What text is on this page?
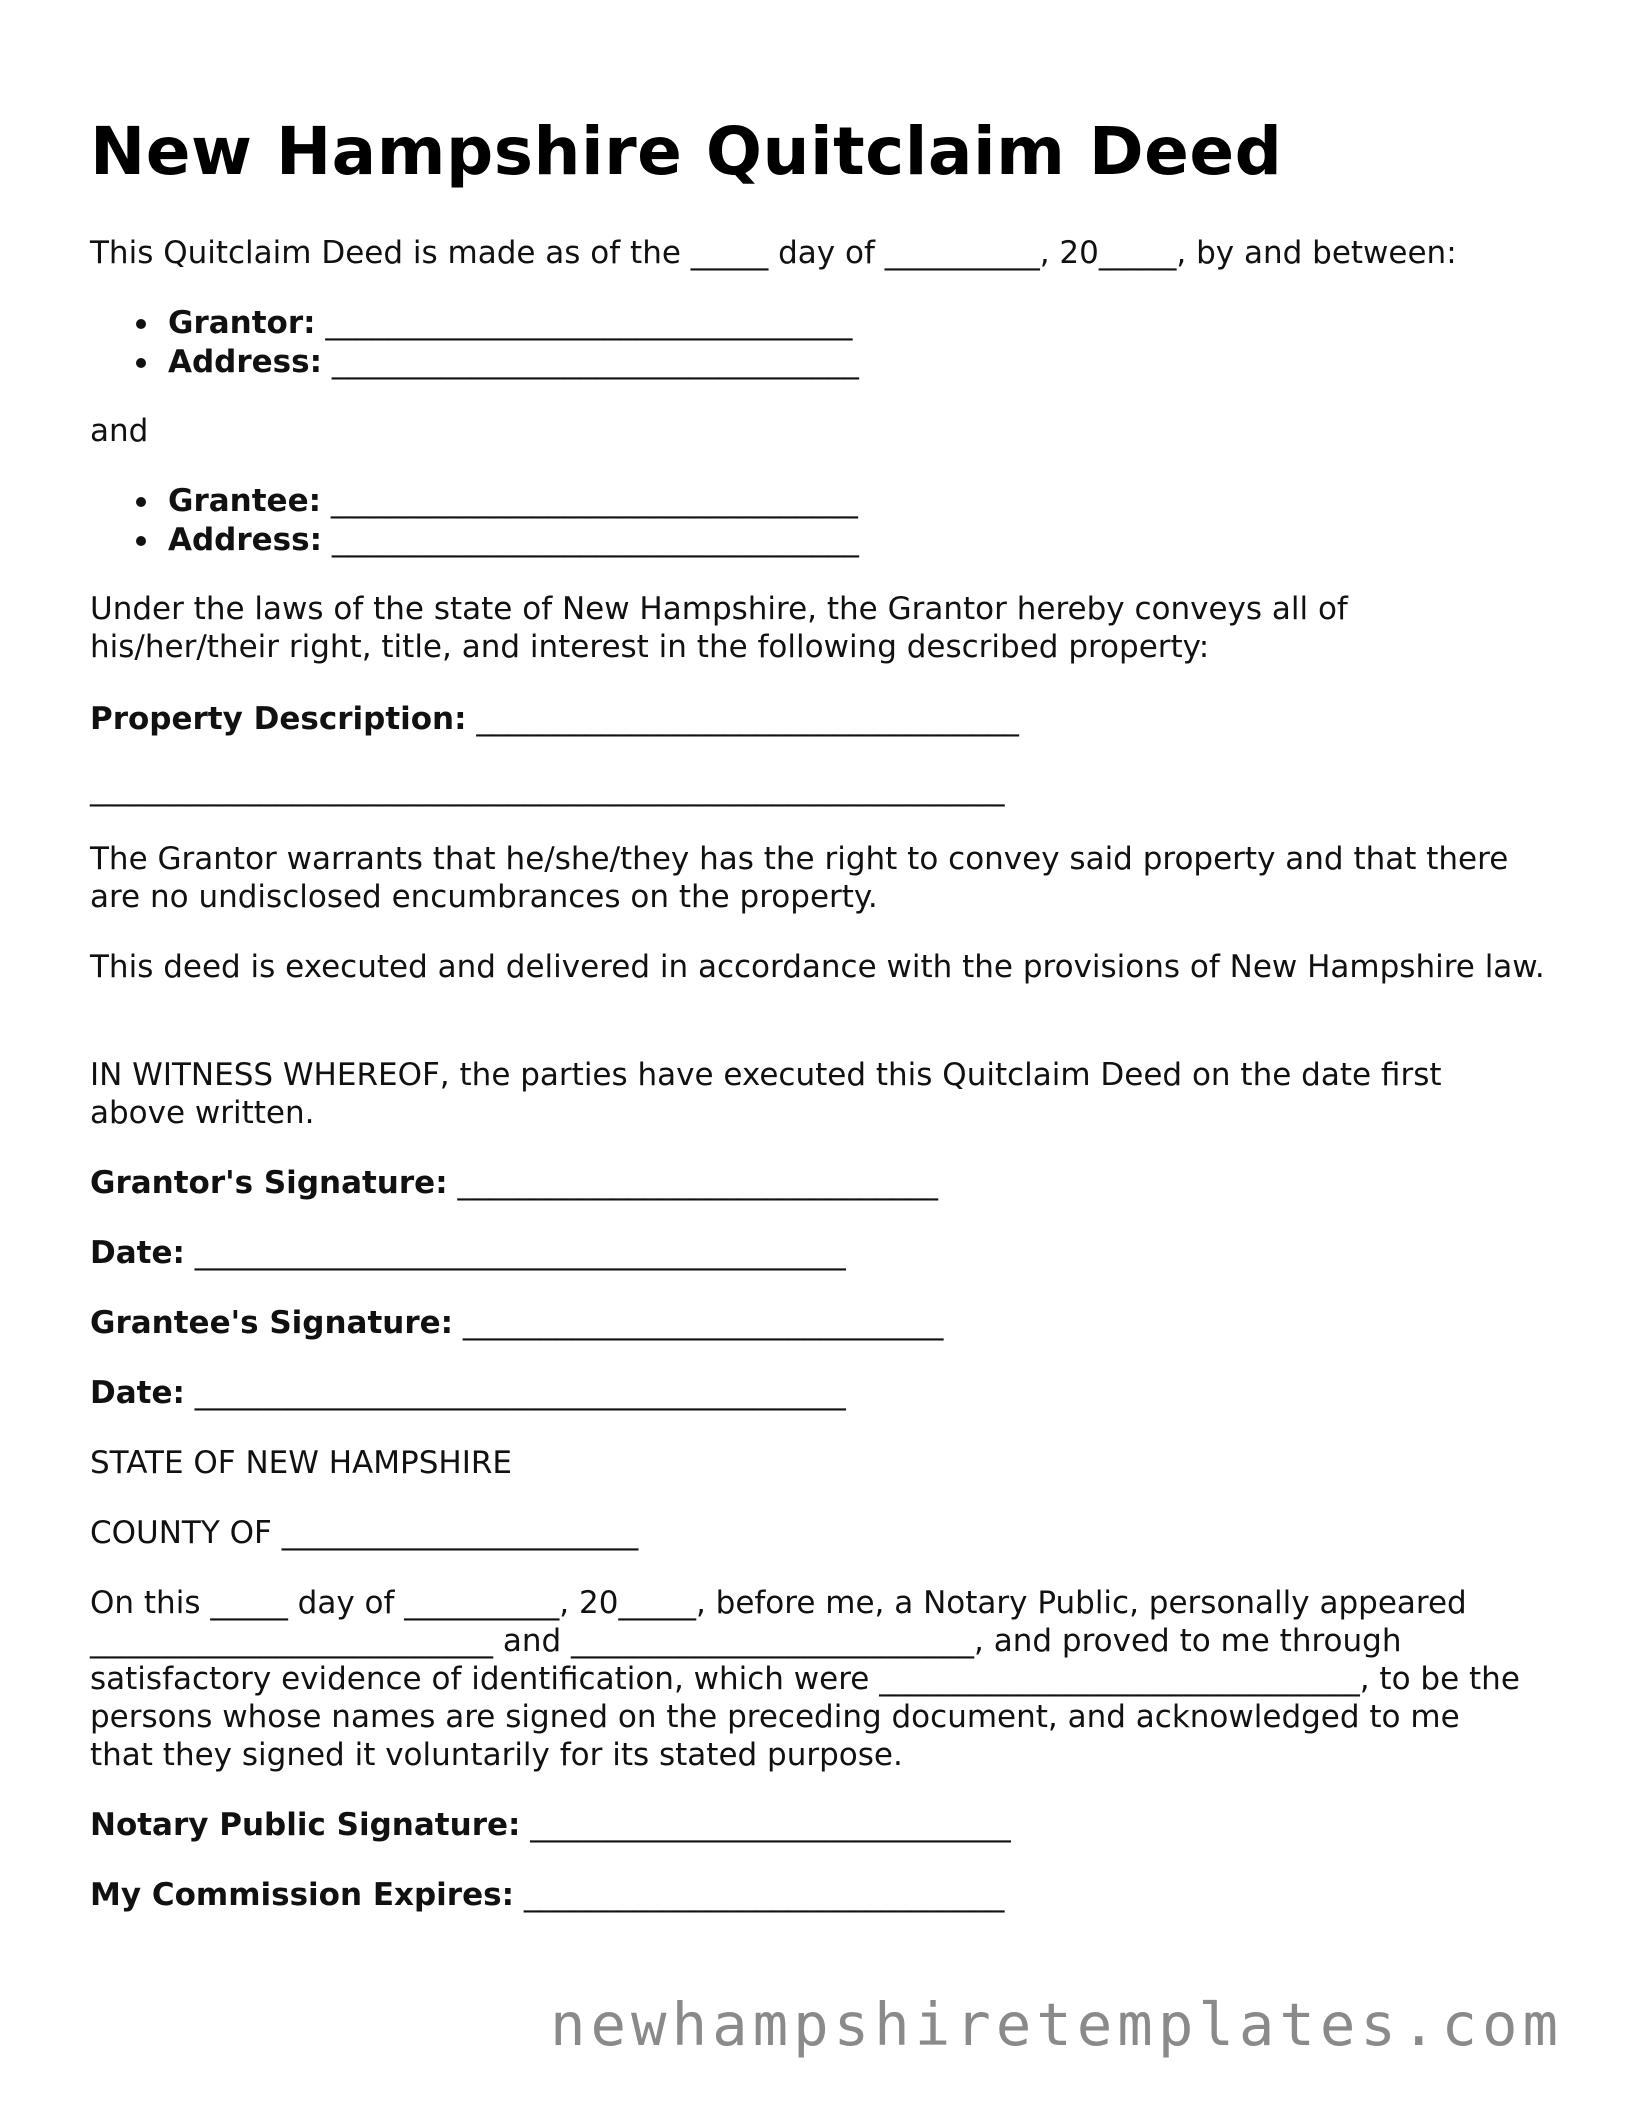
New Hampshire Quitclaim Deed

This Quitclaim Deed is made as of the _____ day of __________, 20_____, by and between:

Grantor: __________________________________
Address: __________________________________

and

Grantee: __________________________________
Address: __________________________________

Under the laws of the state of New Hampshire, the Grantor hereby conveys all of his/her/their right, title, and interest in the following described property:

Property Description: ___________________________________

___________________________________________________________

The Grantor warrants that he/she/they has the right to convey said property and that there are no undisclosed encumbrances on the property.

This deed is executed and delivered in accordance with the provisions of New Hampshire law.

IN WITNESS WHEREOF, the parties have executed this Quitclaim Deed on the date first above written.

Grantor's Signature: _______________________________

Date: __________________________________________

Grantee's Signature: _______________________________

Date: __________________________________________

STATE OF NEW HAMPSHIRE

COUNTY OF _______________________

On this _____ day of __________, 20_____, before me, a Notary Public, personally appeared __________________________ and __________________________, and proved to me through satisfactory evidence of identification, which were _______________________________, to be the persons whose names are signed on the preceding document, and acknowledged to me that they signed it voluntarily for its stated purpose.

Notary Public Signature: _______________________________

My Commission Expires: _______________________________

newhampshiretemplates.com
